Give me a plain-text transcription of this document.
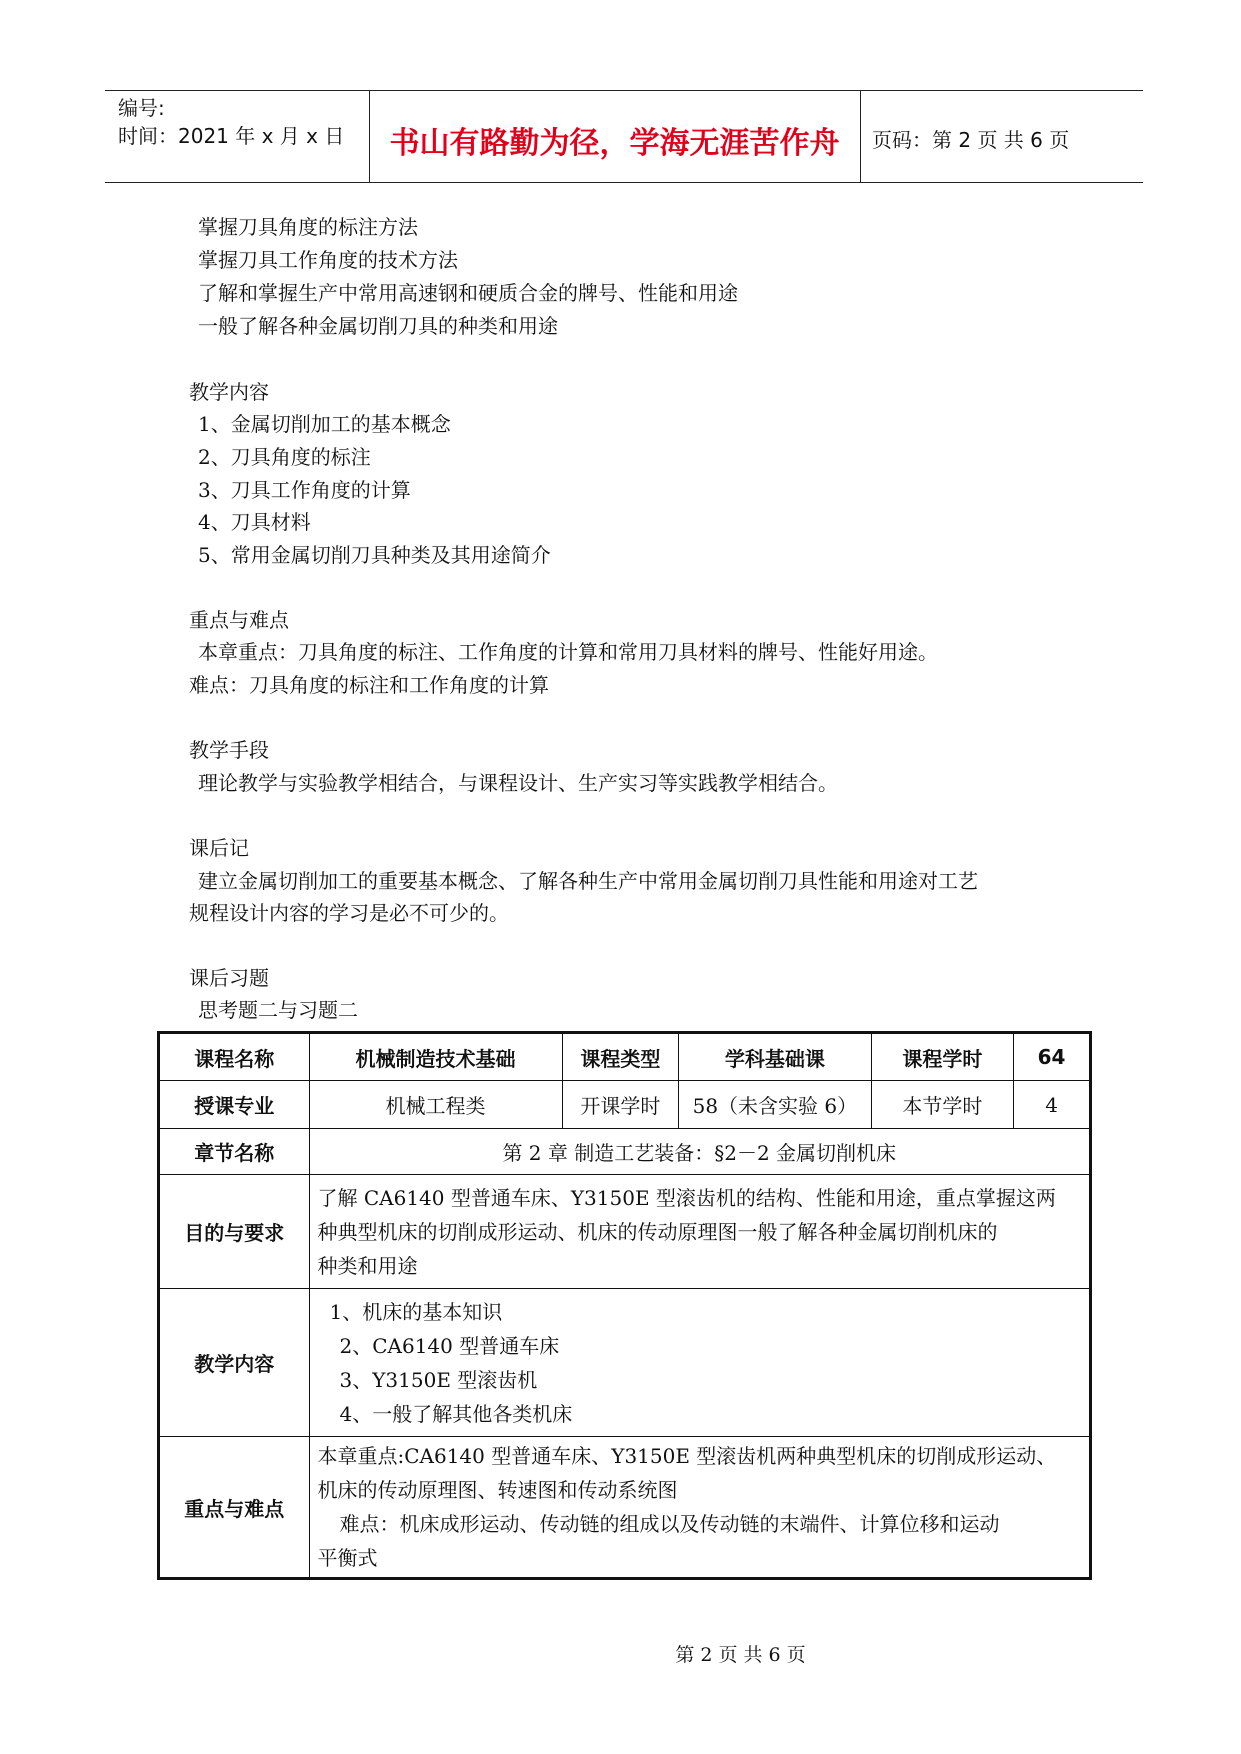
编号:
时间：2021 年 x 月 x 日	书山有路勤为径，学海无涯苦作舟	页码：第 2 页 共 6 页
掌握刀具角度的标注方法
掌握刀具工作角度的技术方法
了解和掌握生产中常用高速钢和硬质合金的牌号、性能和用途
一般了解各种金属切削刀具的种类和用途
教学内容
1、金属切削加工的基本概念
2、刀具角度的标注
3、刀具工作角度的计算
4、刀具材料
5、常用金属切削刀具种类及其用途简介
重点与难点
本章重点：刀具角度的标注、工作角度的计算和常用刀具材料的牌号、性能好用途。
难点：刀具角度的标注和工作角度的计算
教学手段
理论教学与实验教学相结合，与课程设计、生产实习等实践教学相结合。
课后记
建立金属切削加工的重要基本概念、了解各种生产中常用金属切削刀具性能和用途对工艺
规程设计内容的学习是必不可少的。
课后习题
思考题二与习题二
课程名称	机械制造技术基础	课程类型	学科基础课	课程学时	64
授课专业	机械工程类	开课学时	58（未含实验 6）	本节学时	4
章节名称	第 2 章 制造工艺装备：§2－2 金属切削机床				
目的与要求	了解 CA6140 型普通车床、Y3150E 型滚齿机的结构、性能和用途，重点掌握这两
种典型机床的切削成形运动、机床的传动原理图一般了解各种金属切削机床的
种类和用途				

教学内容	1、机床的基本知识
2、CA6140 型普通车床
3、Y3150E 型滚齿机
4、一般了解其他各类机床				

重点与难点	本章重点:CA6140 型普通车床、Y3150E 型滚齿机两种典型机床的切削成形运动、
机床的传动原理图、转速图和传动系统图
难点：机床成形运动、传动链的组成以及传动链的末端件、计算位移和运动
平衡式				
第 2 页 共 6 页
